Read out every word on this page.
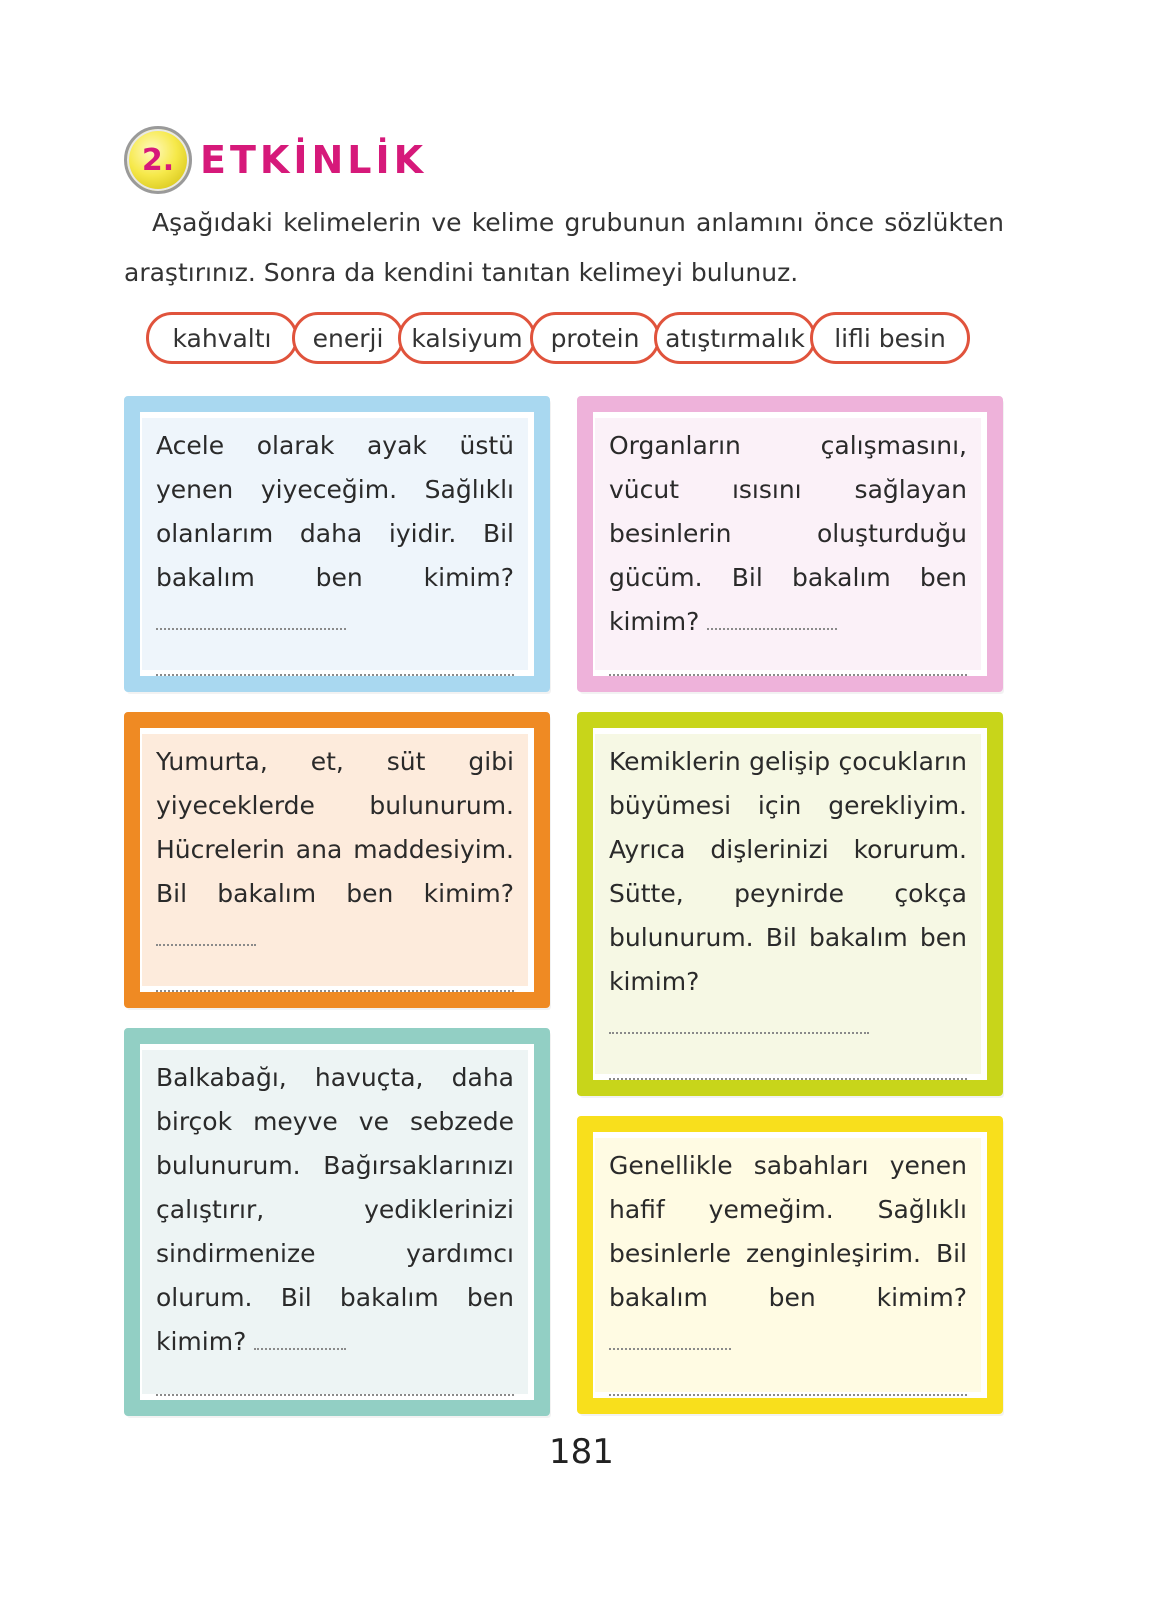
2. ETKİNLİK
Aşağıdaki kelimelerin ve kelime grubunun anlamını önce sözlükten araştırınız. Sonra da kendini tanıtan kelimeyi bulunuz.
kahvaltı	enerji	kalsiyum	protein	atıştırmalık	lifli besin
Acele olarak ayak üstü yenen yiyeceğim. Sağlıklı olanlarım daha iyidir. Bil bakalım ben kimim?
Organların çalışmasını, vücut ısısını sağlayan besinlerin oluşturduğu gücüm. Bil bakalım ben kimim?
Yumurta, et, süt gibi yiyeceklerde bulunurum. Hücrelerin ana maddesiyim. Bil bakalım ben kimim?
Kemiklerin gelişip çocukların büyümesi için gerekliyim. Ayrıca dişlerinizi korurum. Sütte, peynirde çokça bulunurum. Bil bakalım ben kimim?
Balkabağı, havuçta, daha birçok meyve ve sebzede bulunurum. Bağırsaklarınızı çalıştırır, yediklerinizi sindirmenize yardımcı olurum. Bil bakalım ben kimim?
Genellikle sabahları yenen hafif yemeğim. Sağlıklı besinlerle zenginleşirim. Bil bakalım ben kimim?
181
